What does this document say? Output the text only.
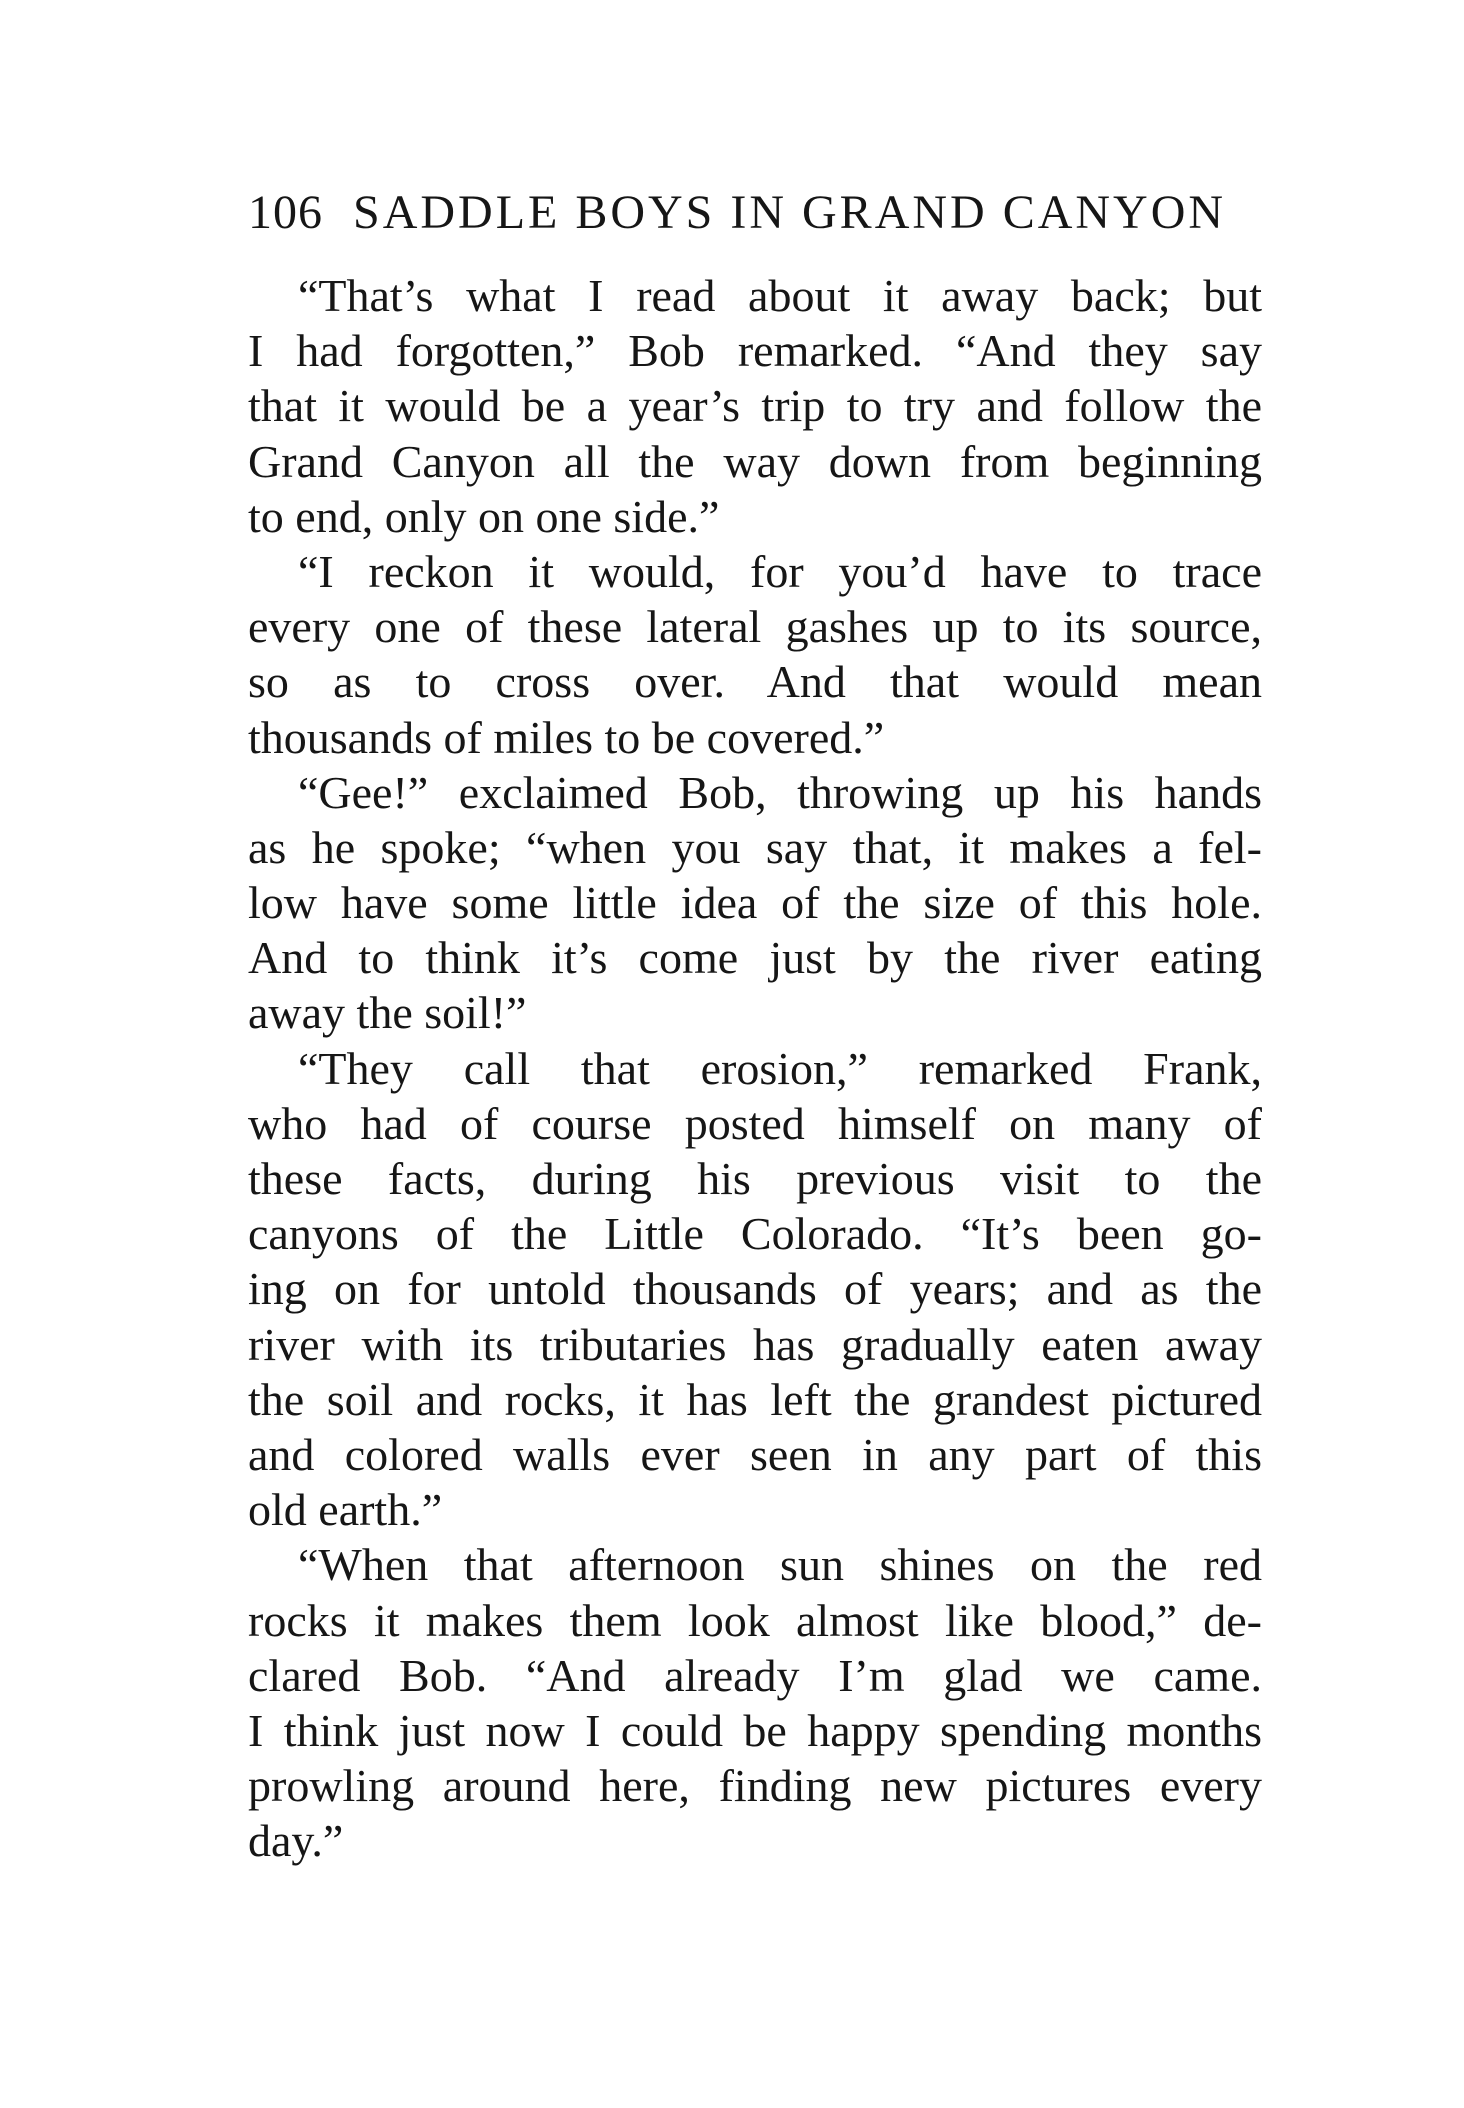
106 SADDLE BOYS IN GRAND CANYON
“That’s what I read about it away back; but
I had forgotten,” Bob remarked. “And they say
that it would be a year’s trip to try and follow the
Grand Canyon all the way down from beginning
to end, only on one side.”
“I reckon it would, for you’d have to trace
every one of these lateral gashes up to its source,
so as to cross over. And that would mean
thousands of miles to be covered.”
“Gee!” exclaimed Bob, throwing up his hands
as he spoke; “when you say that, it makes a fel-
low have some little idea of the size of this hole.
And to think it’s come just by the river eating
away the soil!”
“They call that erosion,” remarked Frank,
who had of course posted himself on many of
these facts, during his previous visit to the
canyons of the Little Colorado. “It’s been go-
ing on for untold thousands of years; and as the
river with its tributaries has gradually eaten away
the soil and rocks, it has left the grandest pictured
and colored walls ever seen in any part of this
old earth.”
“When that afternoon sun shines on the red
rocks it makes them look almost like blood,” de-
clared Bob. “And already I’m glad we came.
I think just now I could be happy spending months
prowling around here, finding new pictures every
day.”
